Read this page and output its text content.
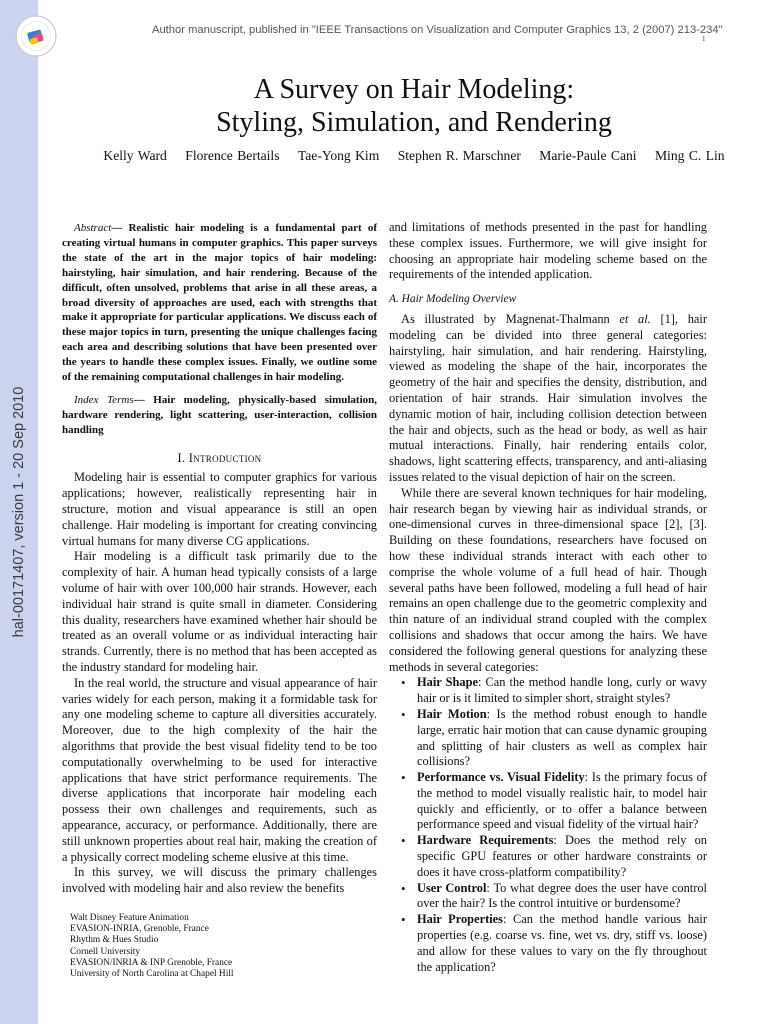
hal-00171407, version 1 - 20 Sep 2010
Author manuscript, published in "IEEE Transactions on Visualization and Computer Graphics 13, 2 (2007) 213-234"
1
A Survey on Hair Modeling:
Styling, Simulation, and Rendering
Kelly Ward Florence Bertails Tae-Yong Kim Stephen R. Marschner Marie-Paule Cani Ming C. Lin

Abstract— Realistic hair modeling is a fundamental part of creating virtual humans in computer graphics. This paper surveys the state of the art in the major topics of hair modeling: hairstyling, hair simulation, and hair rendering. Because of the difficult, often unsolved, problems that arise in all these areas, a broad diversity of approaches are used, each with strengths that make it appropriate for particular applications. We discuss each of these major topics in turn, presenting the unique challenges facing each area and describing solutions that have been presented over the years to handle these complex issues. Finally, we outline some of the remaining computational challenges in hair modeling.

Index Terms— Hair modeling, physically-based simulation, hardware rendering, light scattering, user-interaction, collision handling

I. Introduction

Modeling hair is essential to computer graphics for various applications; however, realistically representing hair in structure, motion and visual appearance is still an open challenge. Hair modeling is important for creating convincing virtual humans for many diverse CG applications.

Hair modeling is a difficult task primarily due to the complexity of hair. A human head typically consists of a large volume of hair with over 100,000 hair strands. However, each individual hair strand is quite small in diameter. Considering this duality, researchers have examined whether hair should be treated as an overall volume or as individual interacting hair strands. Currently, there is no method that has been accepted as the industry standard for modeling hair.

In the real world, the structure and visual appearance of hair varies widely for each person, making it a formidable task for any one modeling scheme to capture all diversities accurately. Moreover, due to the high complexity of the hair the algorithms that provide the best visual fidelity tend to be too computationally overwhelming to be used for interactive applications that have strict performance requirements. The diverse applications that incorporate hair modeling each possess their own challenges and requirements, such as appearance, accuracy, or performance. Additionally, there are still unknown properties about real hair, making the creation of a physically correct modeling scheme elusive at this time.

In this survey, we will discuss the primary challenges involved with modeling hair and also review the benefits

Walt Disney Feature Animation
EVASION-INRIA, Grenoble, France
Rhythm & Hues Studio
Cornell University
EVASION/INRIA & INP Grenoble, France
University of North Carolina at Chapel Hill

and limitations of methods presented in the past for handling these complex issues. Furthermore, we will give insight for choosing an appropriate hair modeling scheme based on the requirements of the intended application.

A. Hair Modeling Overview

As illustrated by Magnenat-Thalmann et al. [1], hair modeling can be divided into three general categories: hairstyling, hair simulation, and hair rendering. Hairstyling, viewed as modeling the shape of the hair, incorporates the geometry of the hair and specifies the density, distribution, and orientation of hair strands. Hair simulation involves the dynamic motion of hair, including collision detection between the hair and objects, such as the head or body, as well as hair mutual interactions. Finally, hair rendering entails color, shadows, light scattering effects, transparency, and anti-aliasing issues related to the visual depiction of hair on the screen.

While there are several known techniques for hair modeling, hair research began by viewing hair as individual strands, or one-dimensional curves in three-dimensional space [2], [3]. Building on these foundations, researchers have focused on how these individual strands interact with each other to comprise the whole volume of a full head of hair. Though several paths have been followed, modeling a full head of hair remains an open challenge due to the geometric complexity and thin nature of an individual strand coupled with the complex collisions and shadows that occur among the hairs. We have considered the following general questions for analyzing these methods in several categories:

• Hair Shape: Can the method handle long, curly or wavy hair or is it limited to simpler short, straight styles?
• Hair Motion: Is the method robust enough to handle large, erratic hair motion that can cause dynamic grouping and splitting of hair clusters as well as complex hair collisions?
• Performance vs. Visual Fidelity: Is the primary focus of the method to model visually realistic hair, to model hair quickly and efficiently, or to offer a balance between performance speed and visual fidelity of the virtual hair?
• Hardware Requirements: Does the method rely on specific GPU features or other hardware constraints or does it have cross-platform compatibility?
• User Control: To what degree does the user have control over the hair? Is the control intuitive or burdensome?
• Hair Properties: Can the method handle various hair properties (e.g. coarse vs. fine, wet vs. dry, stiff vs. loose) and allow for these values to vary on the fly throughout the application?
